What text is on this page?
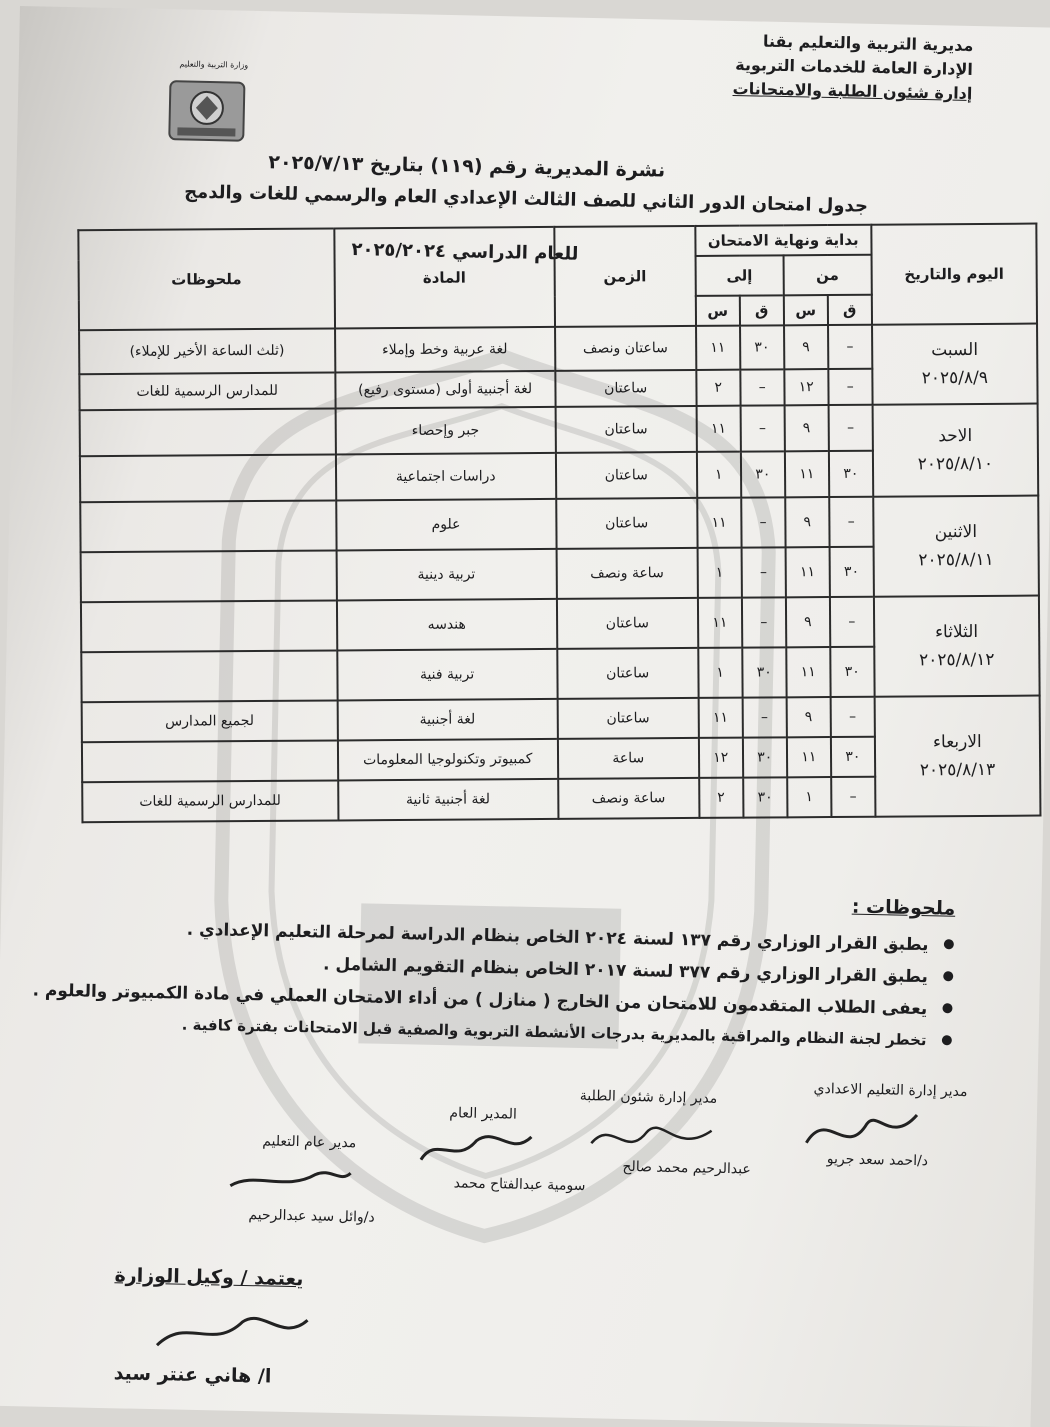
مديرية التربية والتعليم بقنا
الإدارة العامة للخدمات التربوية
إدارة شئون الطلبة والامتحانات
وزارة التربية والتعليم
نشرة المديرية رقم (١١٩) بتاريخ ٢٠٢٥/٧/١٣
جدول امتحان الدور الثاني للصف الثالث الإعدادي العام والرسمي للغات والدمج
للعام الدراسي ٢٠٢٥/٢٠٢٤
اليوم والتاريخ	بداية ونهاية الامتحان				الزمن	المادة	ملحوظات
	من		إلى				
	ق	س	ق	س			

السبت
٢٠٢٥/٨/٩	–	٩	٣٠	١١	ساعتان ونصف	لغة عربية وخط وإملاء	(ثلث الساعة الأخير للإملاء)
	–	١٢	–	٢	ساعتان	لغة أجنبية أولى (مستوى رفيع)	للمدارس الرسمية للغات

الاحد
٢٠٢٥/٨/١٠	–	٩	–	١١	ساعتان	جبر وإحصاء	
	٣٠	١١	٣٠	١	ساعتان	دراسات اجتماعية	

الاثنين
٢٠٢٥/٨/١١	–	٩	–	١١	ساعتان	علوم	
	٣٠	١١	–	١	ساعة ونصف	تربية دينية	

الثلاثاء
٢٠٢٥/٨/١٢	–	٩	–	١١	ساعتان	هندسه	
	٣٠	١١	٣٠	١	ساعتان	تربية فنية	

الاربعاء
٢٠٢٥/٨/١٣	–	٩	–	١١	ساعتان	لغة أجنبية	لجميع المدارس
	٣٠	١١	٣٠	١٢	ساعة	كمبيوتر وتكنولوجيا المعلومات	
	–	١	٣٠	٢	ساعة ونصف	لغة أجنبية ثانية	للمدارس الرسمية للغات
ملحوظات :
● يطبق القرار الوزاري رقم ١٣٧ لسنة ٢٠٢٤ الخاص بنظام الدراسة لمرحلة التعليم الإعدادي .
● يطبق القرار الوزاري رقم ٣٧٧ لسنة ٢٠١٧ الخاص بنظام التقويم الشامل .
● يعفى الطلاب المتقدمون للامتحان من الخارج ( منازل ) من أداء الامتحان العملي في مادة الكمبيوتر والعلوم .
● تخطر لجنة النظام والمراقبة بالمديرية بدرجات الأنشطة التربوية والصفية قبل الامتحانات بفترة كافية .
مدير إدارة التعليم الاعدادي
د/احمد سعد جريو
مدير إدارة شئون الطلبة
عبدالرحيم محمد صالح
المدير العام
سومية عبدالفتاح محمد
مدير عام التعليم
د/وائل سيد عبدالرحيم
يعتمد / وكيل الوزارة
ا/ هاني عنتر سيد
